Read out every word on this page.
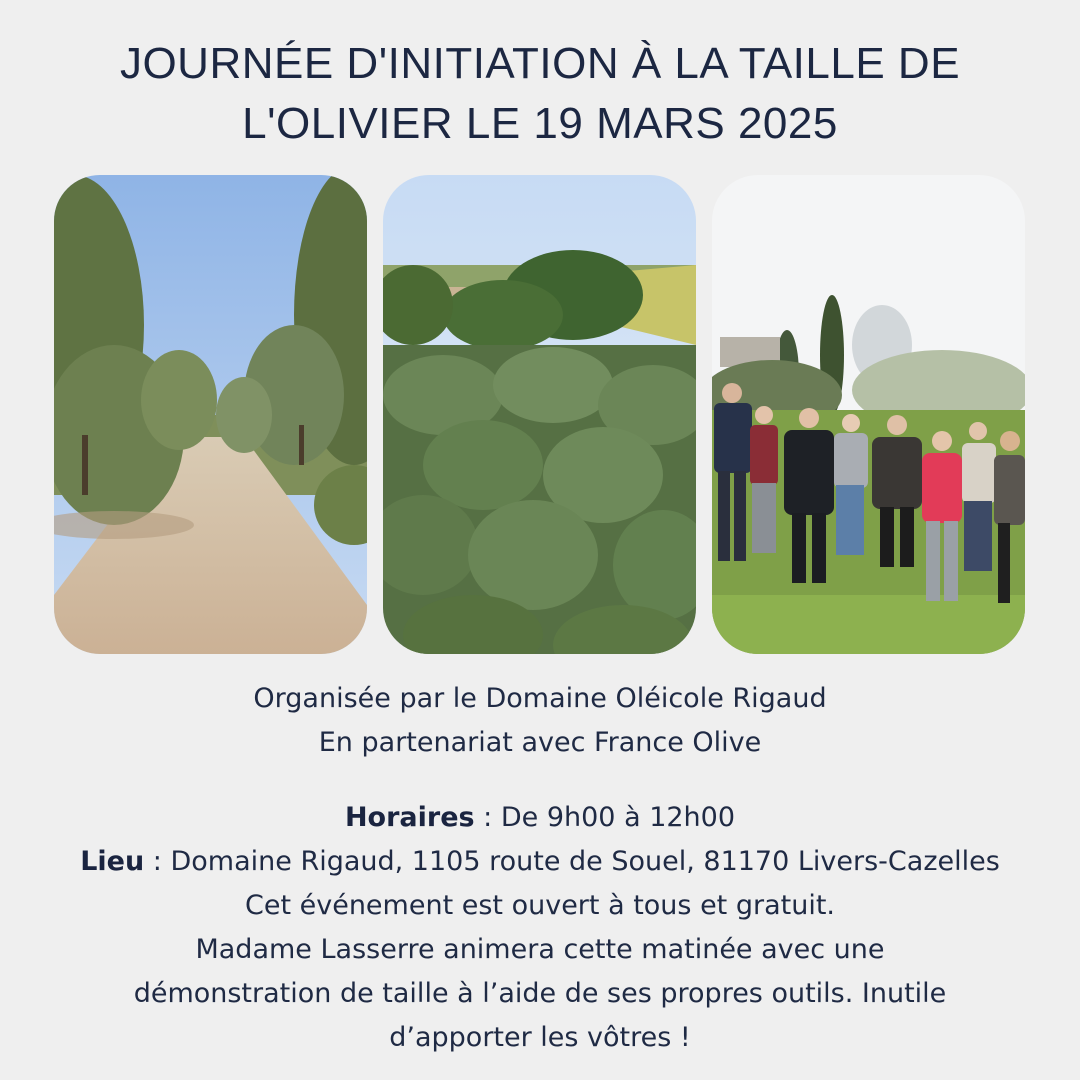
JOURNÉE D'INITIATION À LA TAILLE DE
L'OLIVIER LE 19 MARS 2025
Organisée par le Domaine Oléicole Rigaud
En partenariat avec France Olive
Horaires : De 9h00 à 12h00
Lieu : Domaine Rigaud, 1105 route de Souel, 81170 Livers-Cazelles
Cet événement est ouvert à tous et gratuit.
Madame Lasserre animera cette matinée avec une
démonstration de taille à l’aide de ses propres outils. Inutile
d’apporter les vôtres !
